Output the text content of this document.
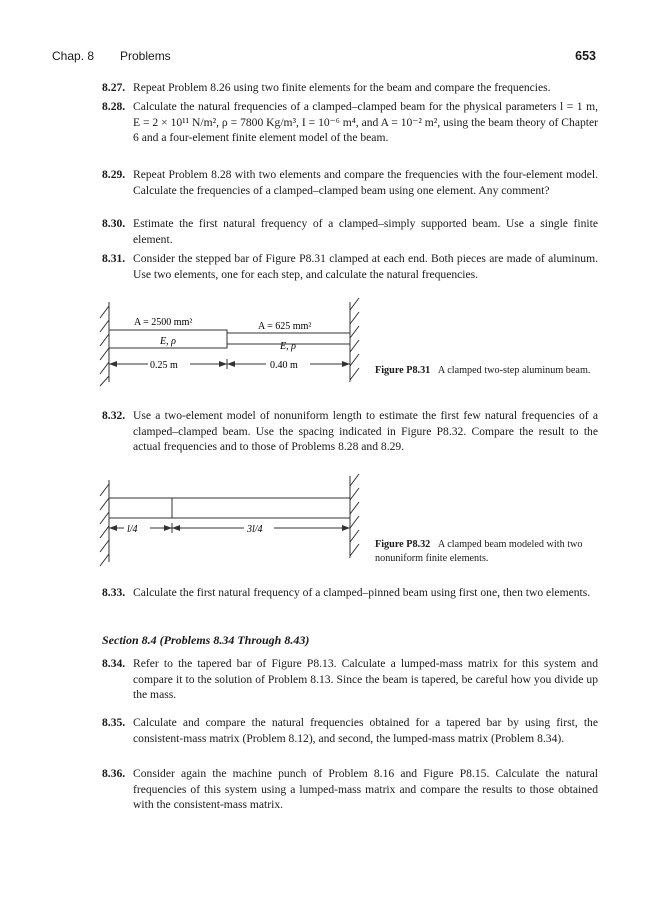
Chap. 8 Problems	653
8.27. Repeat Problem 8.26 using two finite elements for the beam and compare the frequencies.
8.28. Calculate the natural frequencies of a clamped–clamped beam for the physical parameters l = 1 m, E = 2 × 10¹¹ N/m², ρ = 7800 Kg/m³, I = 10⁻⁶ m⁴, and A = 10⁻² m², using the beam theory of Chapter 6 and a four-element finite element model of the beam.
8.29. Repeat Problem 8.28 with two elements and compare the frequencies with the four-element model. Calculate the frequencies of a clamped–clamped beam using one element. Any comment?
8.30. Estimate the first natural frequency of a clamped–simply supported beam. Use a single finite element.
8.31. Consider the stepped bar of Figure P8.31 clamped at each end. Both pieces are made of aluminum. Use two elements, one for each step, and calculate the natural frequencies.
A = 2500 mm²	A = 625 mm²
E, ρ	E, ρ
0.25 m	0.40 m	Figure P8.31 A clamped two-step aluminum beam.
8.32. Use a two-element model of nonuniform length to estimate the first few natural frequencies of a clamped–clamped beam. Use the spacing indicated in Figure P8.32. Compare the result to the actual frequencies and to those of Problems 8.28 and 8.29.
l/4	3l/4
Figure P8.32 A clamped beam modeled with two nonuniform finite elements.
8.33. Calculate the first natural frequency of a clamped–pinned beam using first one, then two elements.
Section 8.4 (Problems 8.34 Through 8.43)
8.34. Refer to the tapered bar of Figure P8.13. Calculate a lumped-mass matrix for this system and compare it to the solution of Problem 8.13. Since the beam is tapered, be careful how you divide up the mass.
8.35. Calculate and compare the natural frequencies obtained for a tapered bar by using first, the consistent-mass matrix (Problem 8.12), and second, the lumped-mass matrix (Problem 8.34).
8.36. Consider again the machine punch of Problem 8.16 and Figure P8.15. Calculate the natural frequencies of this system using a lumped-mass matrix and compare the results to those obtained with the consistent-mass matrix.
